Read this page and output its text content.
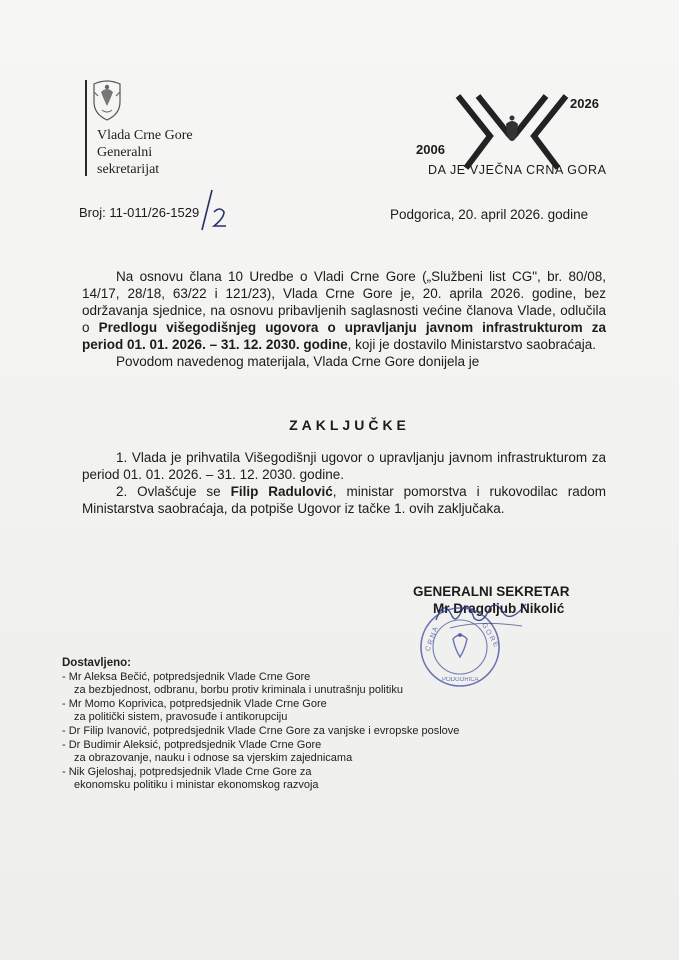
Vlada Crne Gore
Generalni
sekretarijat
2006
2026
DA JE VJEČNA CRNA GORA
Broj: 11-011/26-1529	Podgorica, 20. april 2026. godine

Na osnovu člana 10 Uredbe o Vladi Crne Gore („Službeni list CG", br. 80/08, 14/17, 28/18, 63/22 i 121/23), Vlada Crne Gore je, 20. aprila 2026. godine, bez održavanja sjednice, na osnovu pribavljenih saglasnosti većine članova Vlade, odlučila o Predlogu višegodišnjeg ugovora o upravljanju javnom infrastrukturom za period 01. 01. 2026. – 31. 12. 2030. godine, koji je dostavilo Ministarstvo saobraćaja.

Povodom navedenog materijala, Vlada Crne Gore donijela je

ZAKLJUČKE

1. Vlada je prihvatila Višegodišnji ugovor o upravljanju javnom infrastrukturom za period 01. 01. 2026. – 31. 12. 2030. godine.

2. Ovlašćuje se Filip Radulović, ministar pomorstva i rukovodilac radom Ministarstva saobraćaja, da potpiše Ugovor iz tačke 1. ovih zaključaka.

GENERALNI SEKRETAR
Mr Dragoljub Nikolić
C R N A	G O R E
PODGORICA
Dostavljeno:
- Mr Aleksa Bečić, potpredsjednik Vlade Crne Gore
za bezbjednost, odbranu, borbu protiv kriminala i unutrašnju politiku
- Mr Momo Koprivica, potpredsjednik Vlade Crne Gore
za politički sistem, pravosuđe i antikorupciju
- Dr Filip Ivanović, potpredsjednik Vlade Crne Gore za vanjske i evropske poslove
- Dr Budimir Aleksić, potpredsjednik Vlade Crne Gore
za obrazovanje, nauku i odnose sa vjerskim zajednicama
- Nik Gjeloshaj, potpredsjednik Vlade Crne Gore za
ekonomsku politiku i ministar ekonomskog razvoja
